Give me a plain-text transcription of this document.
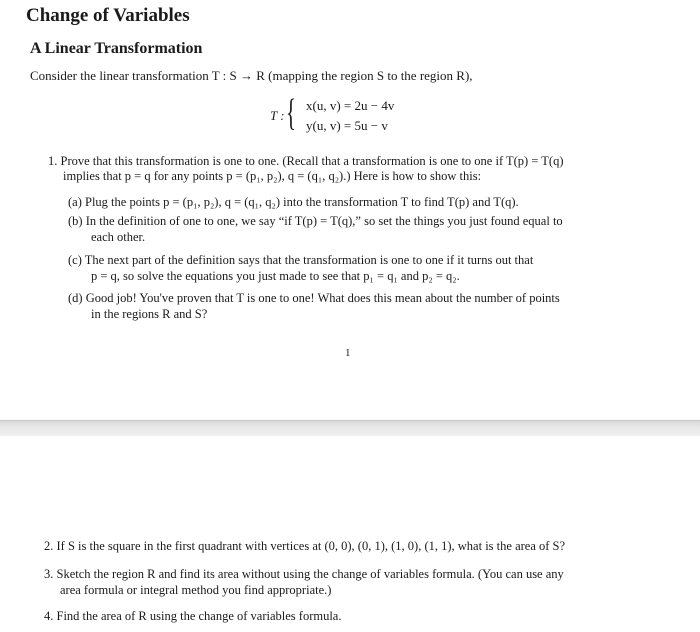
Change of Variables
A Linear Transformation
Consider the linear transformation T : S → R (mapping the region S to the region R),
T : { x(u, v) = 2u − 4v
y(u, v) = 5u − v
1. Prove that this transformation is one to one. (Recall that a transformation is one to one if T(p) = T(q)
implies that p = q for any points p = (p₁, p₂), q = (q₁, q₂).) Here is how to show this:
(a) Plug the points p = (p₁, p₂), q = (q₁, q₂) into the transformation T to find T(p) and T(q).
(b) In the definition of one to one, we say “if T(p) = T(q),” so set the things you just found equal to
each other.
(c) The next part of the definition says that the transformation is one to one if it turns out that
p = q, so solve the equations you just made to see that p₁ = q₁ and p₂ = q₂.
(d) Good job! You've proven that T is one to one! What does this mean about the number of points
in the regions R and S?
1
2. If S is the square in the first quadrant with vertices at (0, 0), (0, 1), (1, 0), (1, 1), what is the area of S?
3. Sketch the region R and find its area without using the change of variables formula. (You can use any
area formula or integral method you find appropriate.)
4. Find the area of R using the change of variables formula.
